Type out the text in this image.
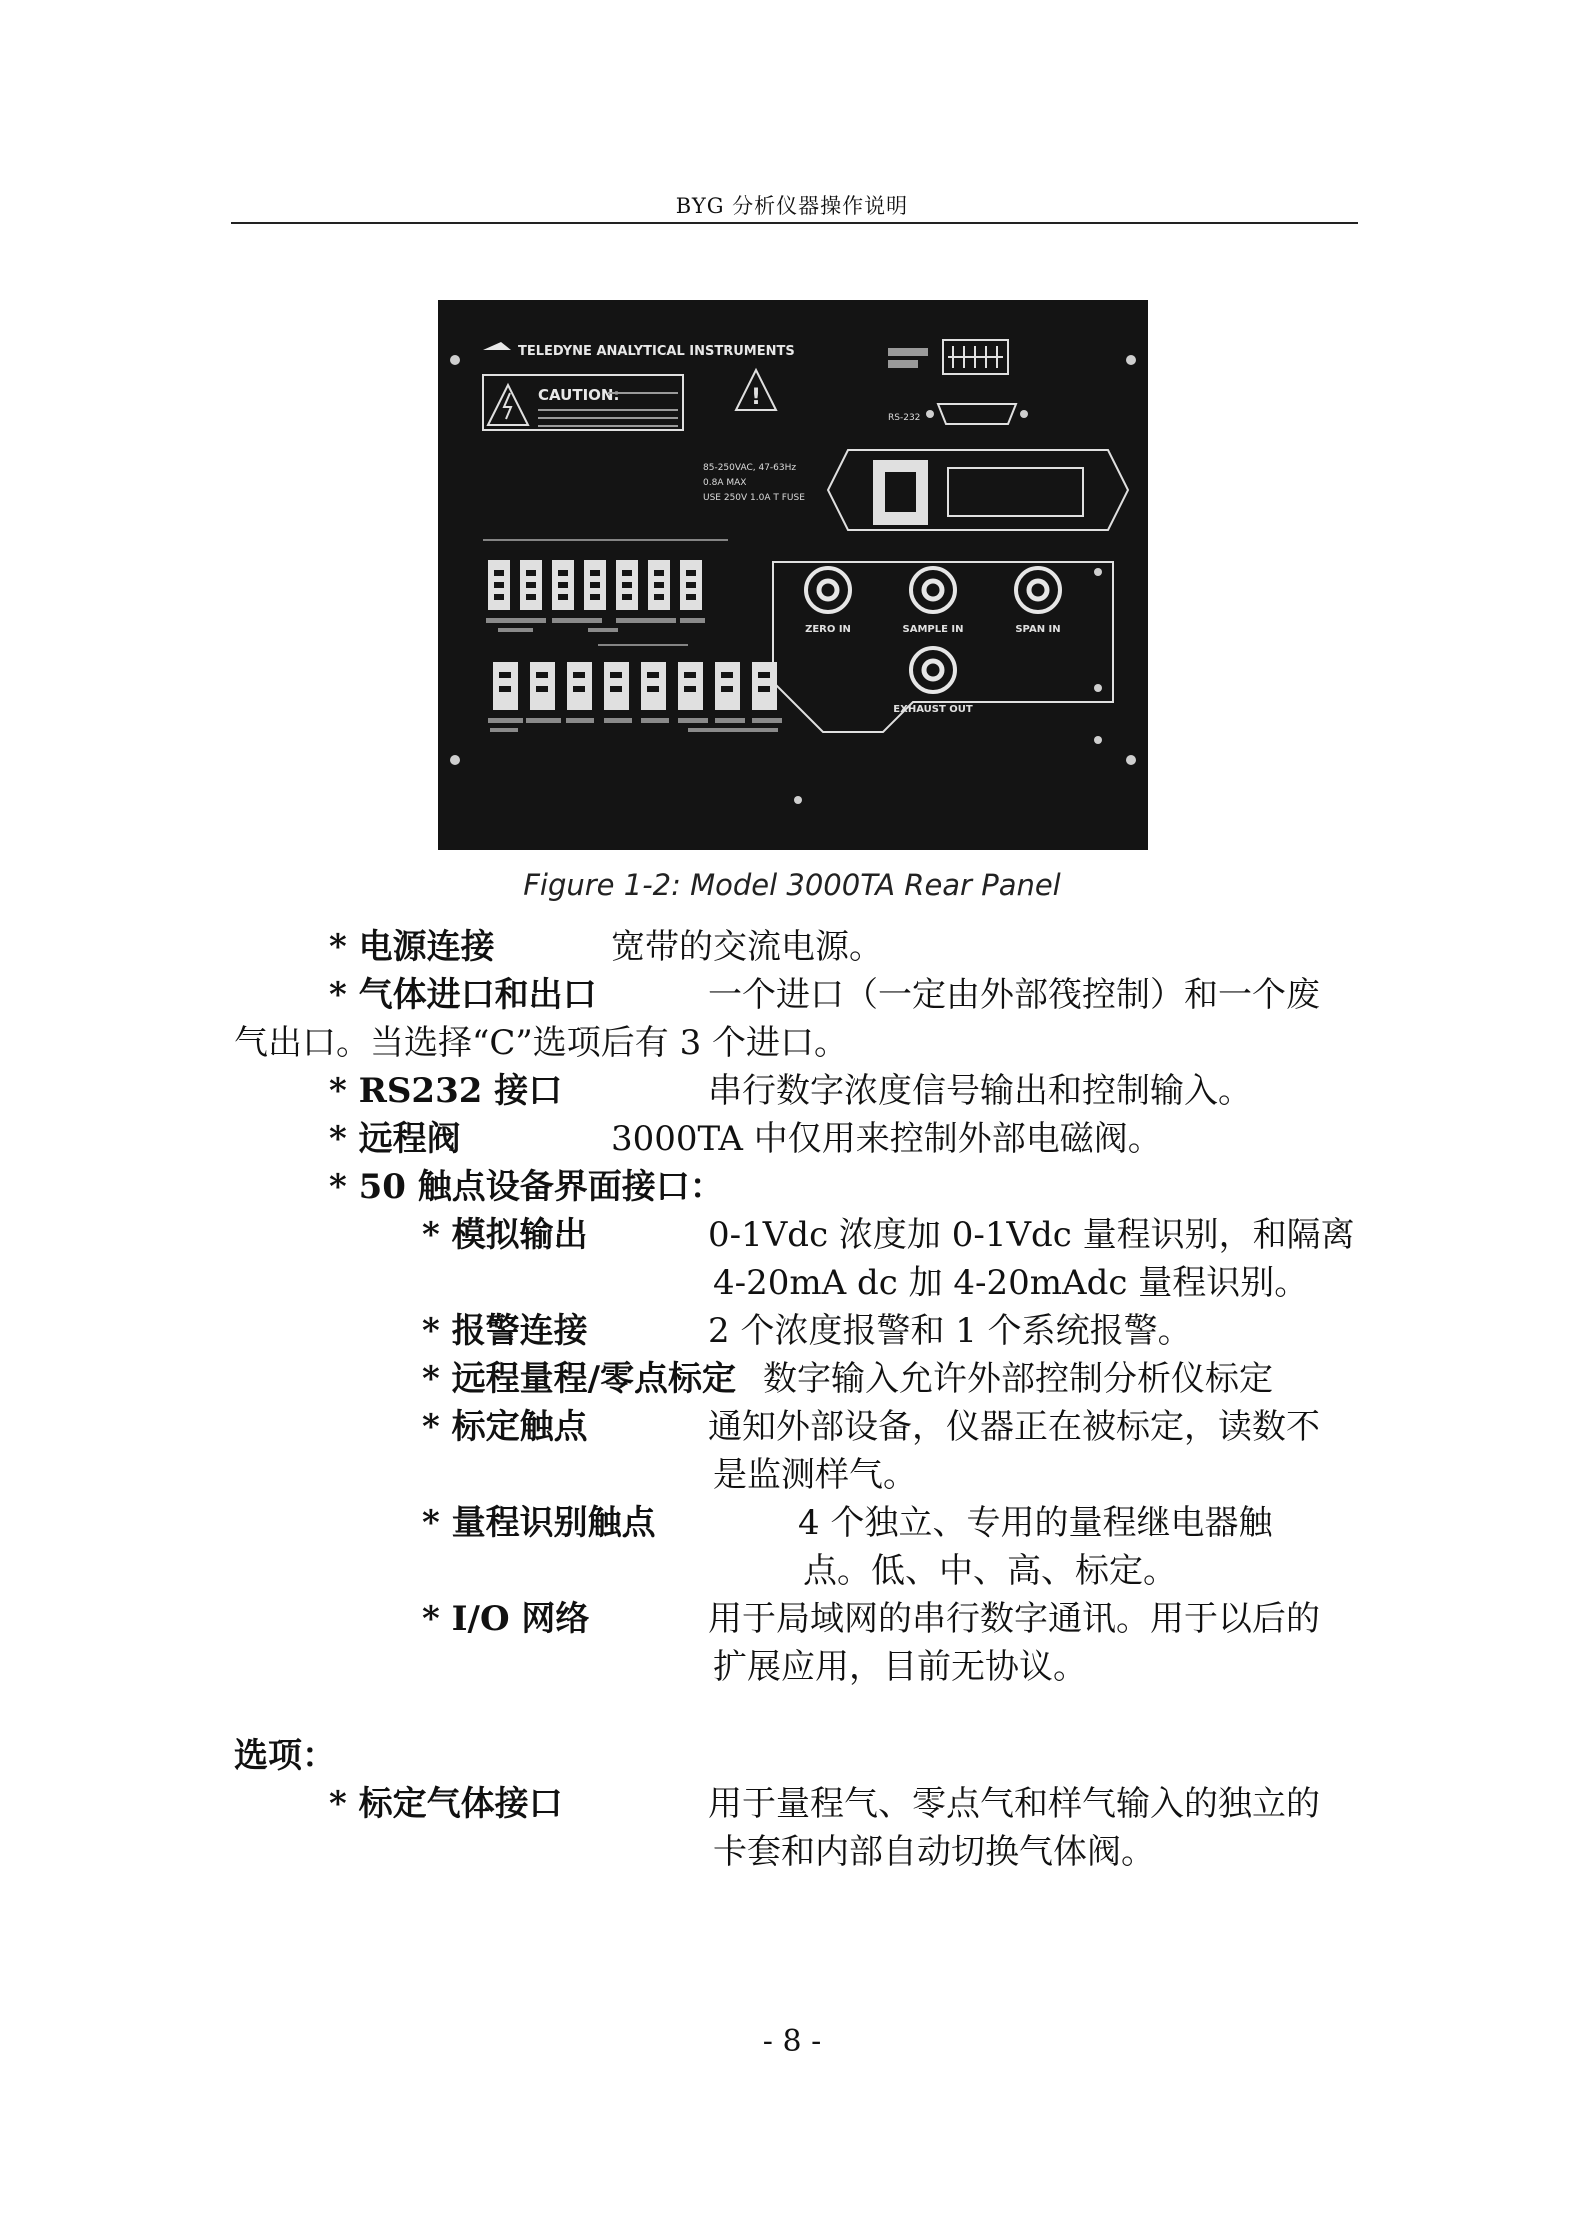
BYG 分析仪器操作说明
TELEDYNE ANALYTICAL INSTRUMENTS
!
CAUTION:
85-250VAC, 47-63Hz
0.8A MAX
USE 250V 1.0A T FUSE
RS-232
ZERO IN	SAMPLE IN	SPAN IN
EXHAUST OUT
Figure 1-2: Model 3000TA Rear Panel
* 电源连接	宽带的交流电源。
* 气体进口和出口	一个进口（一定由外部筏控制）和一个废
气出口。当选择“C”选项后有 3 个进口。
* RS232 接口	串行数字浓度信号输出和控制输入。
* 远程阀	3000TA 中仅用来控制外部电磁阀。
* 50 触点设备界面接口：
* 模拟输出	0-1Vdc 浓度加 0-1Vdc 量程识别，和隔离
4-20mA dc 加 4-20mAdc 量程识别。
* 报警连接	2 个浓度报警和 1 个系统报警。
* 远程量程/零点标定 数字输入允许外部控制分析仪标定
* 标定触点	通知外部设备，仪器正在被标定，读数不
是监测样气。
* 量程识别触点	4 个独立、专用的量程继电器触
点。低、中、高、标定。
* I/O 网络	用于局域网的串行数字通讯。用于以后的
扩展应用，目前无协议。
选项：
* 标定气体接口	用于量程气、零点气和样气输入的独立的
卡套和内部自动切换气体阀。
- 8 -
